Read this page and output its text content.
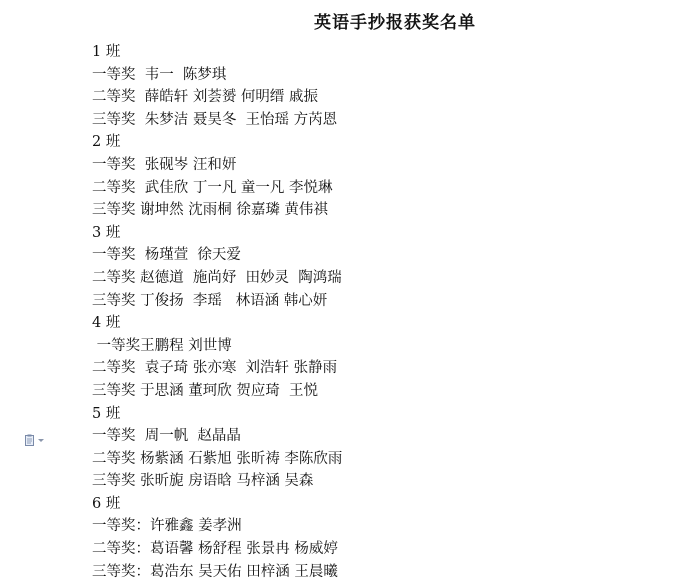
英语手抄报获奖名单
1 班
一等奖  韦一  陈梦琪
二等奖  薛皓轩 刘荟赟 何明缙 戚振
三等奖  朱梦洁 聂昊冬  王怡瑶 方芮恩
2 班
一等奖  张砚岑 汪和妍
二等奖  武佳欣 丁一凡 童一凡 李悦琳
三等奖 谢坤然 沈雨桐 徐嘉璘 黄伟祺
3 班
一等奖  杨瑾萱  徐天爱
二等奖 赵德道  施尚妤  田妙灵  陶鸿瑞
三等奖 丁俊扬  李瑶   林语涵 韩心妍
4 班
一等奖王鹏程 刘世博
二等奖  袁子琦 张亦寒  刘浩轩 张静雨
三等奖 于思涵 董珂欣 贺应琦  王悦
5 班
一等奖  周一帆  赵晶晶
二等奖 杨紫涵 石紫旭 张昕祷 李陈欣雨
三等奖 张昕旎 房语晗 马梓涵 吴森
6 班
一等奖：许雅鑫 姜孝洲
二等奖：葛语馨 杨舒程 张景冉 杨威婷
三等奖：葛浩东 吴天佑 田梓涵 王晨曦
